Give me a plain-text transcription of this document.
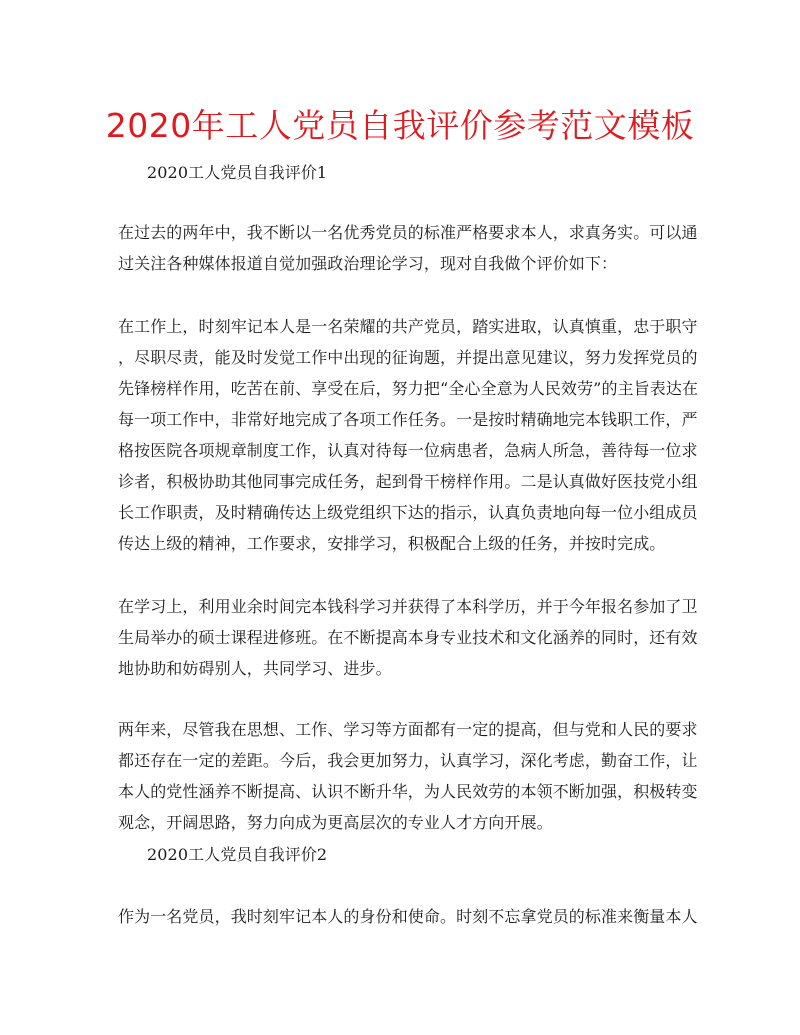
2020年工人党员自我评价参考范文模板
2020工人党员自我评价1
在过去的两年中，我不断以一名优秀党员的标准严格要求本人，求真务实。可以通
过关注各种媒体报道自觉加强政治理论学习，现对自我做个评价如下：
在工作上，时刻牢记本人是一名荣耀的共产党员，踏实进取，认真慎重，忠于职守
，尽职尽责，能及时发觉工作中出现的征询题，并提出意见建议，努力发挥党员的
先锋榜样作用，吃苦在前、享受在后，努力把“全心全意为人民效劳”的主旨表达在
每一项工作中，非常好地完成了各项工作任务。一是按时精确地完本钱职工作，严
格按医院各项规章制度工作，认真对待每一位病患者，急病人所急，善待每一位求
诊者，积极协助其他同事完成任务，起到骨干榜样作用。二是认真做好医技党小组
长工作职责，及时精确传达上级党组织下达的指示，认真负责地向每一位小组成员
传达上级的精神，工作要求，安排学习，积极配合上级的任务，并按时完成。
在学习上，利用业余时间完本钱科学习并获得了本科学历，并于今年报名参加了卫
生局举办的硕士课程进修班。在不断提高本身专业技术和文化涵养的同时，还有效
地协助和妨碍别人，共同学习、进步。
两年来，尽管我在思想、工作、学习等方面都有一定的提高，但与党和人民的要求
都还存在一定的差距。今后，我会更加努力，认真学习，深化考虑，勤奋工作，让
本人的党性涵养不断提高、认识不断升华，为人民效劳的本领不断加强，积极转变
观念，开阔思路，努力向成为更高层次的专业人才方向开展。
2020工人党员自我评价2
作为一名党员，我时刻牢记本人的身份和使命。时刻不忘拿党员的标准来衡量本人
